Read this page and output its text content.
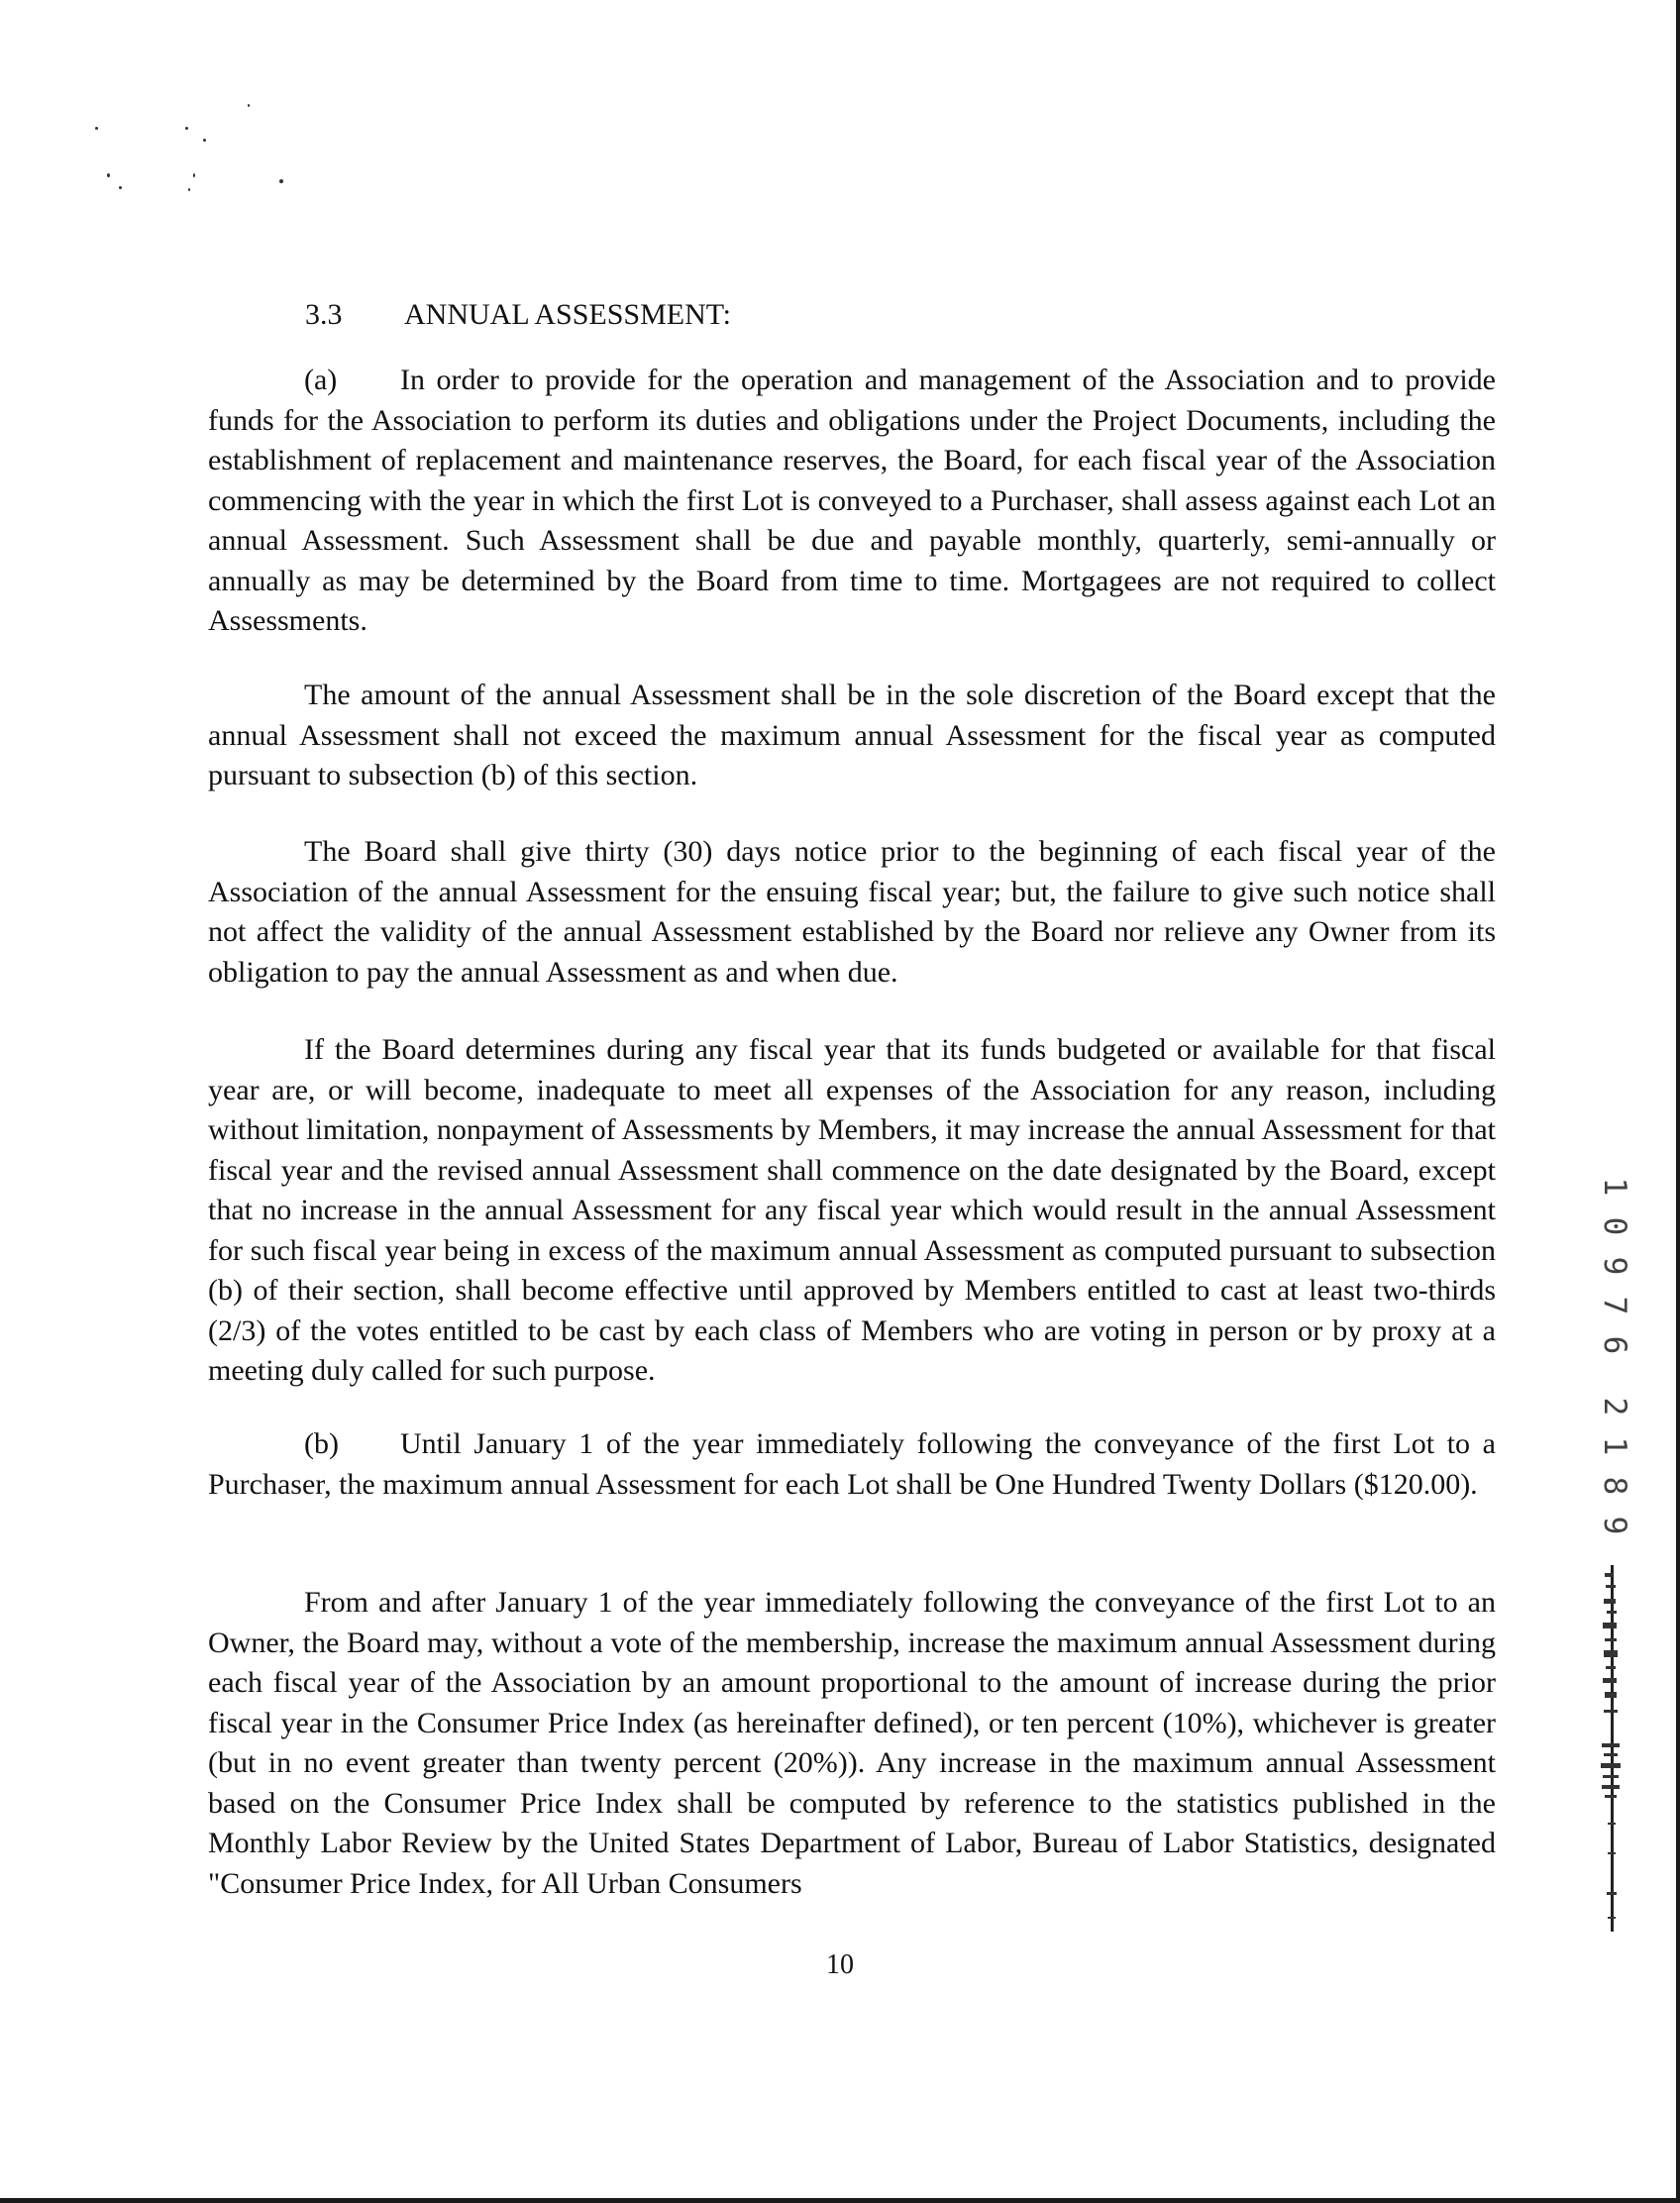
3.3 ANNUAL ASSESSMENT:

(a) In order to provide for the operation and management of the Association and to provide funds for the Association to perform its duties and obligations under the Project Documents, including the establishment of replacement and maintenance reserves, the Board, for each fiscal year of the Association commencing with the year in which the first Lot is conveyed to a Purchaser, shall assess against each Lot an annual Assessment. Such Assessment shall be due and payable monthly, quarterly, semi-annually or annually as may be determined by the Board from time to time. Mortgagees are not required to collect Assessments.

The amount of the annual Assessment shall be in the sole discretion of the Board except that the annual Assessment shall not exceed the maximum annual Assessment for the fiscal year as computed pursuant to subsection (b) of this section.

The Board shall give thirty (30) days notice prior to the beginning of each fiscal year of the Association of the annual Assessment for the ensuing fiscal year; but, the failure to give such notice shall not affect the validity of the annual Assessment established by the Board nor relieve any Owner from its obligation to pay the annual Assessment as and when due.

If the Board determines during any fiscal year that its funds budgeted or available for that fiscal year are, or will become, inadequate to meet all expenses of the Association for any reason, including without limitation, nonpayment of Assessments by Members, it may increase the annual Assessment for that fiscal year and the revised annual Assessment shall commence on the date designated by the Board, except that no increase in the annual Assessment for any fiscal year which would result in the annual Assessment for such fiscal year being in excess of the maximum annual Assessment as computed pursuant to subsection (b) of their section, shall become effective until approved by Members entitled to cast at least two-thirds (2/3) of the votes entitled to be cast by each class of Members who are voting in person or by proxy at a meeting duly called for such purpose.

(b) Until January 1 of the year immediately following the conveyance of the first Lot to a Purchaser, the maximum annual Assessment for each Lot shall be One Hundred Twenty Dollars ($120.00).

From and after January 1 of the year immediately following the conveyance of the first Lot to an Owner, the Board may, without a vote of the membership, increase the maximum annual Assessment during each fiscal year of the Association by an amount proportional to the amount of increase during the prior fiscal year in the Consumer Price Index (as hereinafter defined), or ten percent (10%), whichever is greater (but in no event greater than twenty percent (20%)). Any increase in the maximum annual Assessment based on the Consumer Price Index shall be computed by reference to the statistics published in the Monthly Labor Review by the United States Department of Labor, Bureau of Labor Statistics, designated "Consumer Price Index, for All Urban Consumers

10
1
0
9
7
6
2
1
8
9
